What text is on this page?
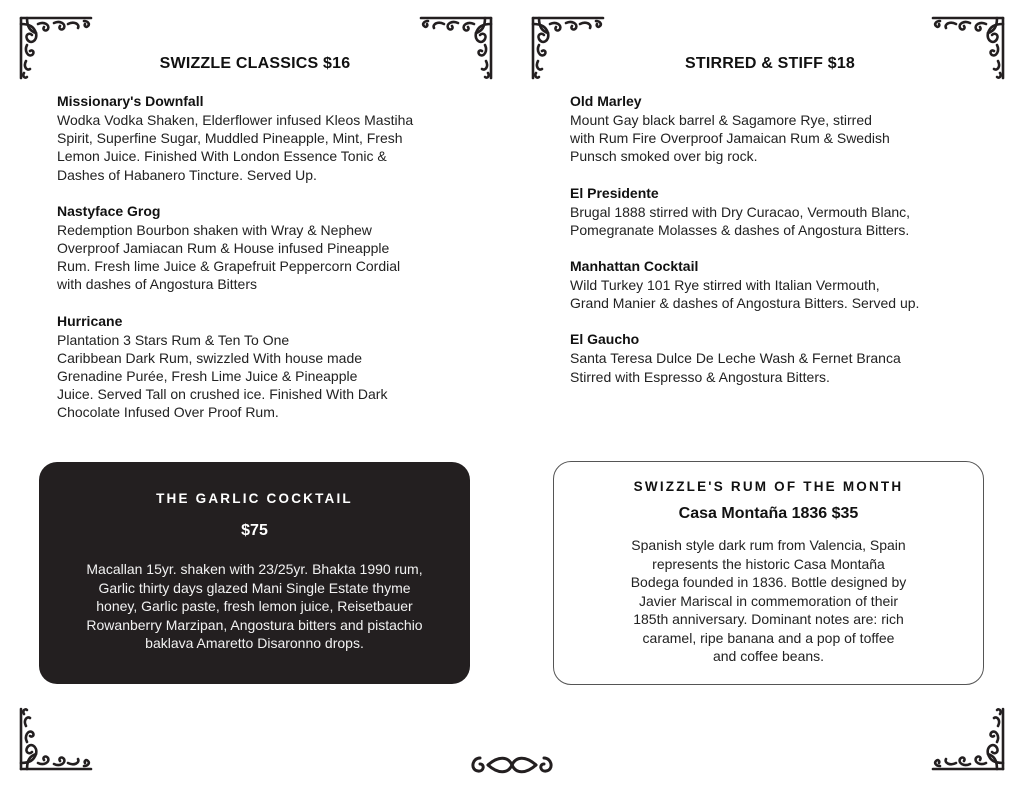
SWIZZLE CLASSICS $16	STIRRED & STIFF $18
Missionary's Downfall
Wodka Vodka Shaken, Elderflower infused Kleos Mastiha
Spirit, Superfine Sugar, Muddled Pineapple, Mint, Fresh
Lemon Juice. Finished With London Essence Tonic &
Dashes of Habanero Tincture. Served Up.
Nastyface Grog
Redemption Bourbon shaken with Wray & Nephew
Overproof Jamiacan Rum & House infused Pineapple
Rum. Fresh lime Juice & Grapefruit Peppercorn Cordial
with dashes of Angostura Bitters
Hurricane
Plantation 3 Stars Rum & Ten To One
Caribbean Dark Rum, swizzled With house made
Grenadine Purée, Fresh Lime Juice & Pineapple
Juice. Served Tall on crushed ice. Finished With Dark
Chocolate Infused Over Proof Rum.
Old Marley
Mount Gay black barrel & Sagamore Rye, stirred
with Rum Fire Overproof Jamaican Rum & Swedish
Punsch smoked over big rock.
El Presidente
Brugal 1888 stirred with Dry Curacao, Vermouth Blanc,
Pomegranate Molasses & dashes of Angostura Bitters.
Manhattan Cocktail
Wild Turkey 101 Rye stirred with Italian Vermouth,
Grand Manier & dashes of Angostura Bitters. Served up.
El Gaucho
Santa Teresa Dulce De Leche Wash & Fernet Branca
Stirred with Espresso & Angostura Bitters.
THE GARLIC COCKTAIL
$75
Macallan 15yr. shaken with 23/25yr. Bhakta 1990 rum,
Garlic thirty days glazed Mani Single Estate thyme
honey, Garlic paste, fresh lemon juice, Reisetbauer
Rowanberry Marzipan, Angostura bitters and pistachio
baklava Amaretto Disaronno drops.
SWIZZLE'S RUM OF THE MONTH
Casa Montaña 1836 $35
Spanish style dark rum from Valencia, Spain
represents the historic Casa Montaña
Bodega founded in 1836. Bottle designed by
Javier Mariscal in commemoration of their
185th anniversary. Dominant notes are: rich
caramel, ripe banana and a pop of toffee
and coffee beans.
